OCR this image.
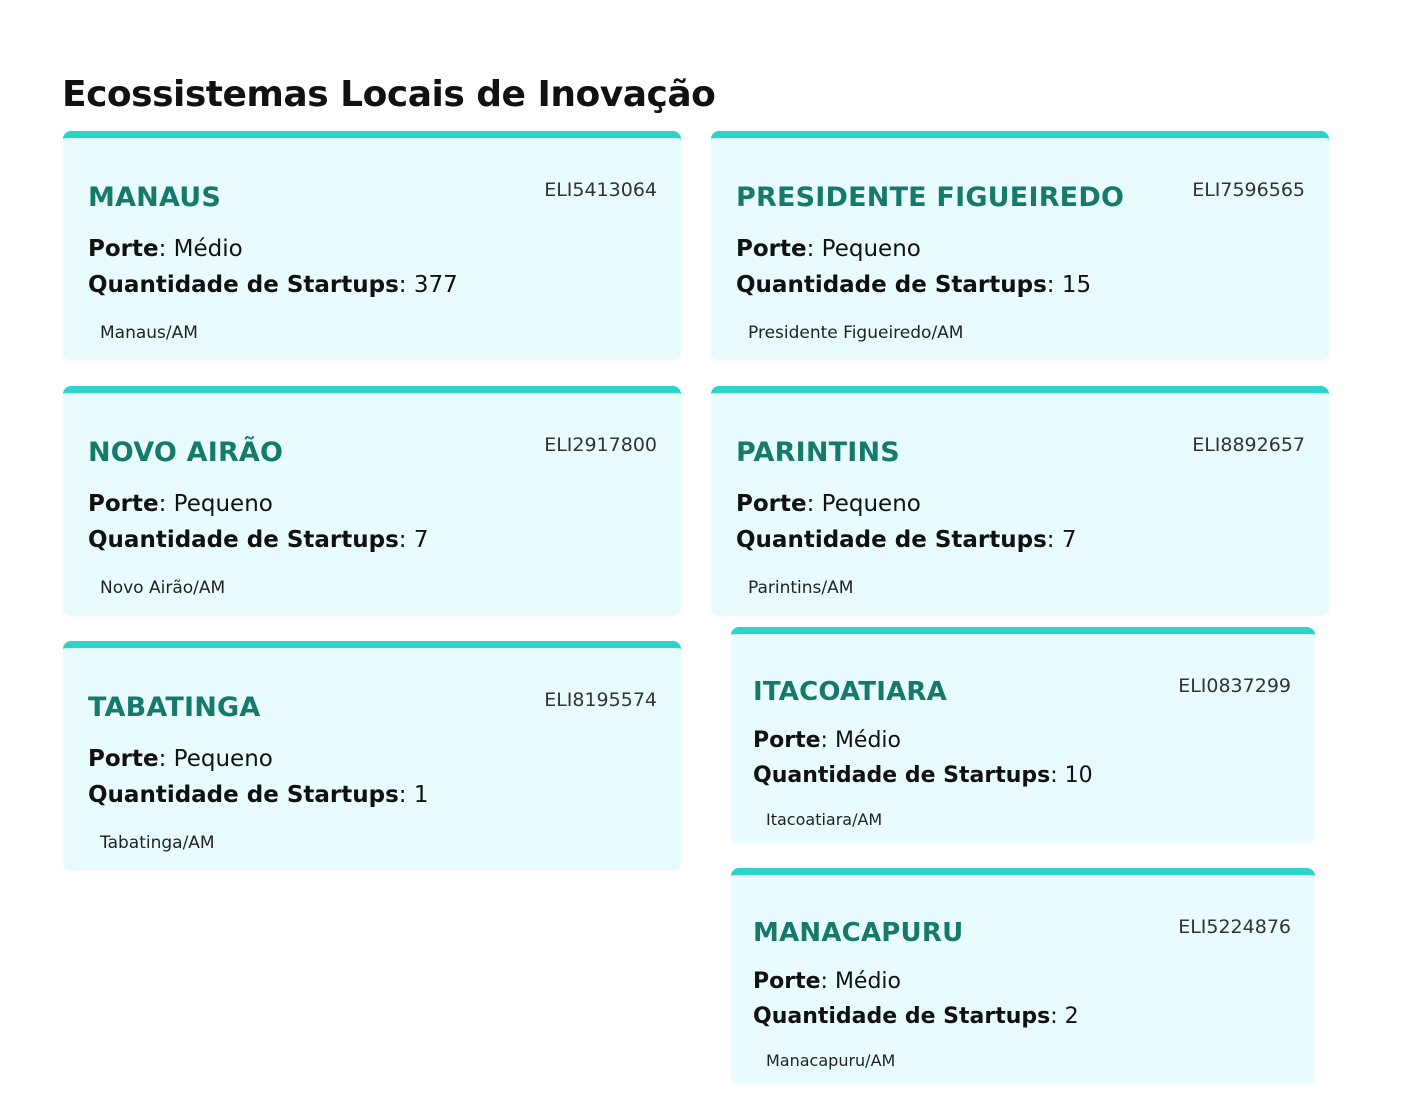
Ecossistemas Locais de Inovação
MANAUS	ELI5413064
Porte: Médio
Quantidade de Startups: 377
Manaus/AM
PRESIDENTE FIGUEIREDO	ELI7596565
Porte: Pequeno
Quantidade de Startups: 15
Presidente Figueiredo/AM
NOVO AIRÃO	ELI2917800
Porte: Pequeno
Quantidade de Startups: 7
Novo Airão/AM
PARINTINS	ELI8892657
Porte: Pequeno
Quantidade de Startups: 7
Parintins/AM
TABATINGA	ELI8195574
Porte: Pequeno
Quantidade de Startups: 1
Tabatinga/AM
ITACOATIARA	ELI0837299
Porte: Médio
Quantidade de Startups: 10
Itacoatiara/AM
MANACAPURU	ELI5224876
Porte: Médio
Quantidade de Startups: 2
Manacapuru/AM
